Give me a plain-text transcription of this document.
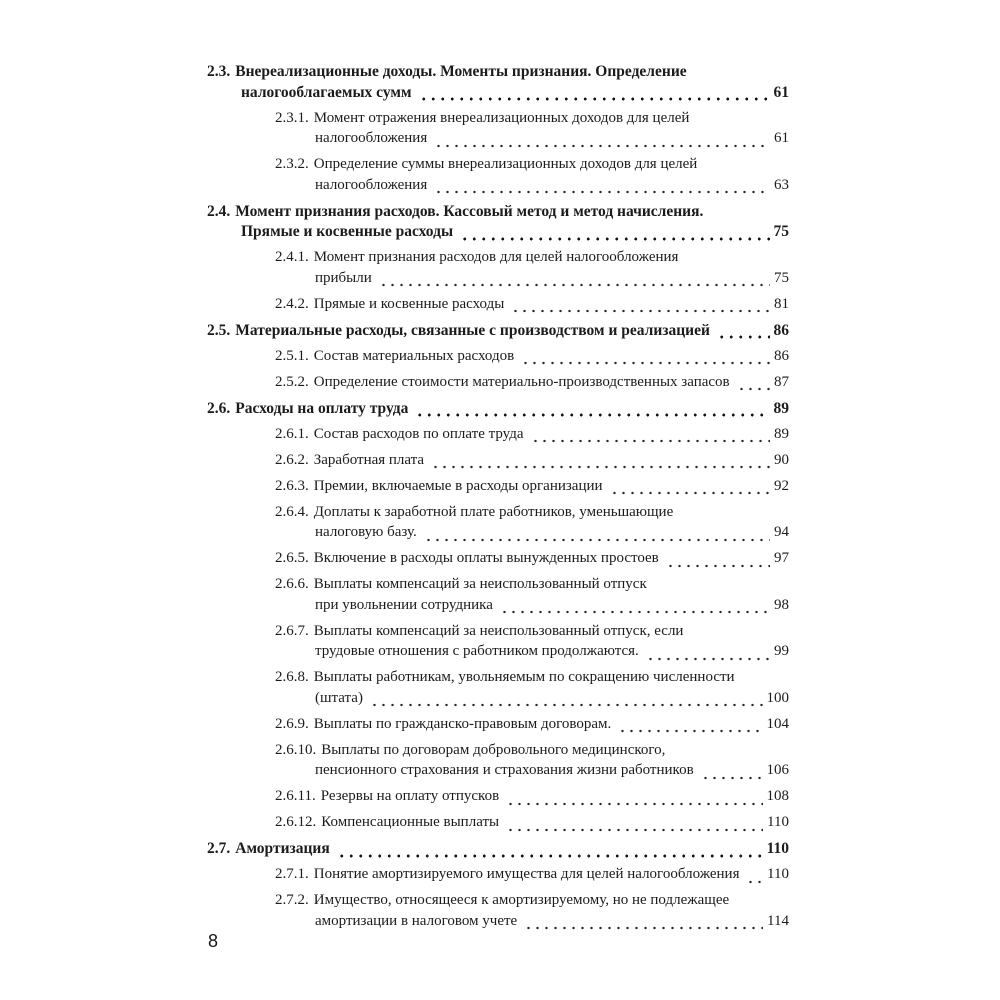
2.3. Внереализационные доходы. Моменты признания. Определение
налогооблагаемых сумм	61
2.3.1. Момент отражения внереализационных доходов для целей
налогообложения	61
2.3.2. Определение суммы внереализационных доходов для целей
налогообложения	63
2.4. Момент признания расходов. Кассовый метод и метод начисления.
Прямые и косвенные расходы	75
2.4.1. Момент признания расходов для целей налогообложения
прибыли	75
2.4.2. Прямые и косвенные расходы	81
2.5. Материальные расходы, связанные с производством и реализацией	86
2.5.1. Состав материальных расходов	86
2.5.2. Определение стоимости материально-производственных запасов	87
2.6. Расходы на оплату труда	89
2.6.1. Состав расходов по оплате труда	89
2.6.2. Заработная плата	90
2.6.3. Премии, включаемые в расходы организации	92
2.6.4. Доплаты к заработной плате работников, уменьшающие
налоговую базу.	94
2.6.5. Включение в расходы оплаты вынужденных простоев	97
2.6.6. Выплаты компенсаций за неиспользованный отпуск
при увольнении сотрудника	98
2.6.7. Выплаты компенсаций за неиспользованный отпуск, если
трудовые отношения с работником продолжаются.	99
2.6.8. Выплаты работникам, увольняемым по сокращению численности
(штата)	100
2.6.9. Выплаты по гражданско-правовым договорам.	104
2.6.10. Выплаты по договорам добровольного медицинского,
пенсионного страхования и страхования жизни работников	106
2.6.11. Резервы на оплату отпусков	108
2.6.12. Компенсационные выплаты	110
2.7. Амортизация	110
2.7.1. Понятие амортизируемого имущества для целей налогообложения 110
2.7.2. Имущество, относящееся к амортизируемому, но не подлежащее
амортизации в налоговом учете	114
8
